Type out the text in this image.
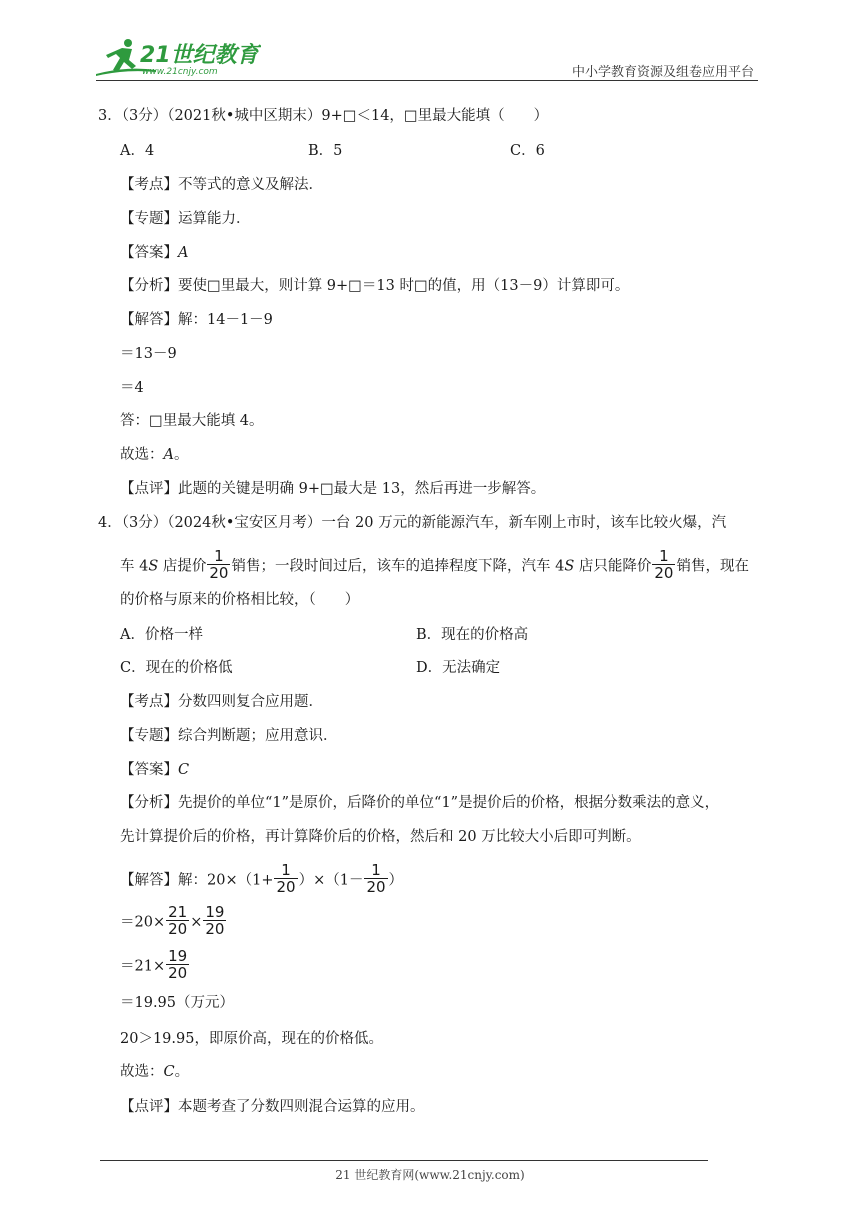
21世纪教育
www.21cnjy.com	中小学教育资源及组卷应用平台
3．（3分）（2021秋•城中区期末）9+□＜14，□里最大能填（　　）
A．4	B．5	C．6
【考点】不等式的意义及解法．
【专题】运算能力．
【答案】A
【分析】要使□里最大，则计算 9+□＝13 时□的值，用（13－9）计算即可。
【解答】解：14－1－9
＝13－9
＝4
答：□里最大能填 4。
故选：A。
【点评】此题的关键是明确 9+□最大是 13，然后再进一步解答。
4．（3分）（2024秋•宝安区月考）一台 20 万元的新能源汽车，新车刚上市时，该车比较火爆，汽
车 4S 店提价 $\frac{1}{20}$ 销售；一段时间过后，该车的追捧程度下降，汽车 4S 店只能降价 $\frac{1}{20}$ 销售，现在
的价格与原来的价格相比较，（　　）
A．价格一样	B．现在的价格高
C．现在的价格低	D．无法确定
【考点】分数四则复合应用题．
【专题】综合判断题；应用意识．
【答案】C
【分析】先提价的单位“1”是原价，后降价的单位“1”是提价后的价格，根据分数乘法的意义，
先计算提价后的价格，再计算降价后的价格，然后和 20 万比较大小后即可判断。
【解答】解：$20\times(1+ \frac{1}{20} )\times(1- \frac{1}{20}$ ）
$=20\times \frac{21}{20} \times \frac{19}{20}$
$=21\times \frac{19}{20}$
＝19.95（万元）
20＞19.95，即原价高，现在的价格低。
故选：C。
【点评】本题考查了分数四则混合运算的应用。
21 世纪教育网(www.21cnjy.com)
